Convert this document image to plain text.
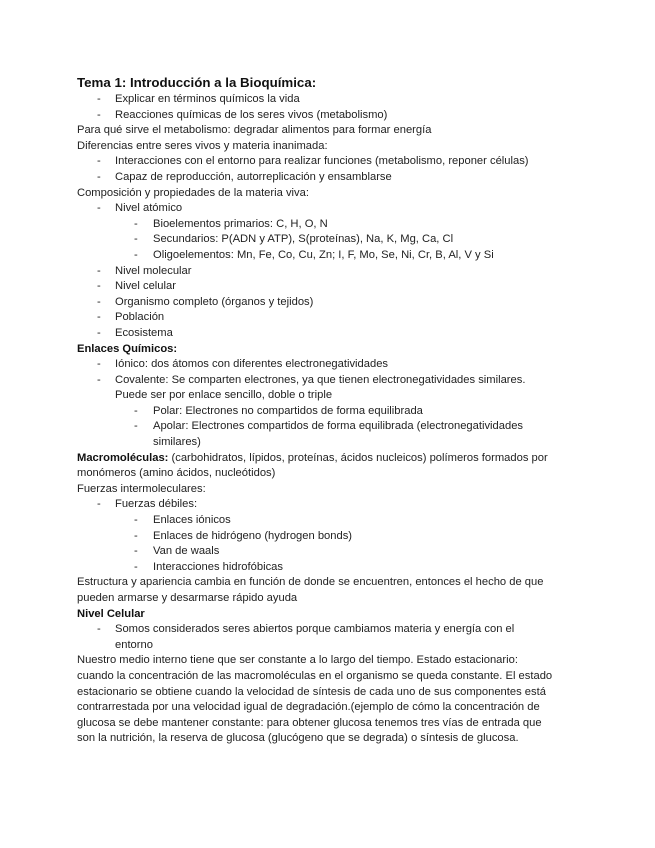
Tema 1: Introducción a la Bioquímica:
- Explicar en términos químicos la vida
- Reacciones químicas de los seres vivos (metabolismo)
Para qué sirve el metabolismo: degradar alimentos para formar energía
Diferencias entre seres vivos y materia inanimada:
- Interacciones con el entorno para realizar funciones (metabolismo, reponer células)
- Capaz de reproducción, autorreplicación y ensamblarse
Composición y propiedades de la materia viva:
- Nivel atómico
- Bioelementos primarios: C, H, O, N
- Secundarios: P(ADN y ATP), S(proteínas), Na, K, Mg, Ca, Cl
- Oligoelementos: Mn, Fe, Co, Cu, Zn; I, F, Mo, Se, Ni, Cr, B, Al, V y Si
- Nivel molecular
- Nivel celular
- Organismo completo (órganos y tejidos)
- Población
- Ecosistema
Enlaces Químicos:
- Iónico: dos átomos con diferentes electronegatividades
- Covalente: Se comparten electrones, ya que tienen electronegatividades similares.
Puede ser por enlace sencillo, doble o triple
- Polar: Electrones no compartidos de forma equilibrada
- Apolar: Electrones compartidos de forma equilibrada (electronegatividades
similares)
Macromoléculas: (carbohidratos, lípidos, proteínas, ácidos nucleicos) polímeros formados por
monómeros (amino ácidos, nucleótidos)
Fuerzas intermoleculares:
- Fuerzas débiles:
- Enlaces iónicos
- Enlaces de hidrógeno (hydrogen bonds)
- Van de waals
- Interacciones hidrofóbicas
Estructura y apariencia cambia en función de donde se encuentren, entonces el hecho de que
pueden armarse y desarmarse rápido ayuda
Nivel Celular
- Somos considerados seres abiertos porque cambiamos materia y energía con el
entorno
Nuestro medio interno tiene que ser constante a lo largo del tiempo. Estado estacionario:
cuando la concentración de las macromoléculas en el organismo se queda constante. El estado
estacionario se obtiene cuando la velocidad de síntesis de cada uno de sus componentes está
contrarrestada por una velocidad igual de degradación.(ejemplo de cómo la concentración de
glucosa se debe mantener constante: para obtener glucosa tenemos tres vías de entrada que
son la nutrición, la reserva de glucosa (glucógeno que se degrada) o síntesis de glucosa.
